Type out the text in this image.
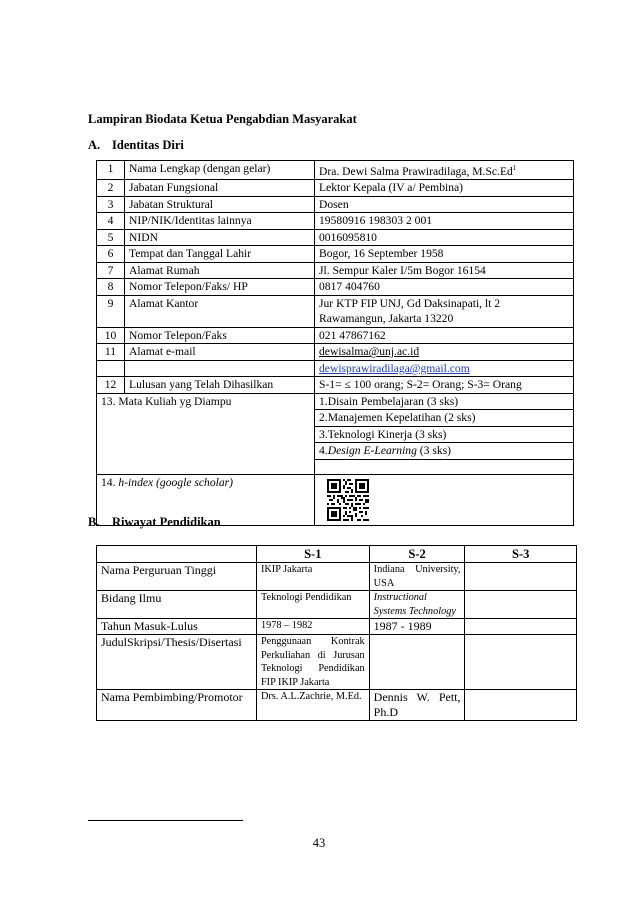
Lampiran Biodata Ketua Pengabdian Masyarakat
A. Identitas Diri
1	Nama Lengkap (dengan gelar)	Dra. Dewi Salma Prawiradilaga, M.Sc.Ed$^1$
2	Jabatan Fungsional	Lektor Kepala (IV a/ Pembina)
3	Jabatan Struktural	Dosen
4	NIP/NIK/Identitas lainnya	19580916 198303 2 001
5	NIDN	0016095810
6	Tempat dan Tanggal Lahir	Bogor, 16 September 1958
7	Alamat Rumah	Jl. Sempur Kaler I/5m Bogor 16154
8	Nomor Telepon/Faks/ HP	0817 404760
9	Alamat Kantor	Jur KTP FIP UNJ, Gd Daksinapati, lt 2
Rawamangun, Jakarta 13220

10	Nomor Telepon/Faks	021 47867162
11	Alamat e-mail	dewisalma@unj.ac.id
		dewisprawiradilaga@gmail.com
12	Lulusan yang Telah Dihasilkan	S-1= ≤ 100 orang; S-2= Orang; S-3= Orang
13. Mata Kuliah yg Diampu		1.Disain Pembelajaran (3 sks)
		2.Manajemen Kepelatihan (2 sks)
		3.Teknologi Kinerja (3 sks)
		4.Design E-Learning (3 sks)

14. h-index (google scholar)	
B. Riwayat Pendidikan
	S-1	S-2	S-3
Nama Perguruan Tinggi	IKIP Jakarta	Indiana University,
USA	

Bidang Ilmu	Teknologi Pendidikan	Instructional Systems Technology	
Tahun Masuk-Lulus	1978 – 1982	1987 - 1989	
JudulSkripsi/Thesis/Disertasi	Penggunaan Kontrak Perkuliahan di Jurusan Teknologi Pendidikan FIP IKIP Jakarta		
Nama Pembimbing/Promotor	Drs. A.L.Zachrie, M.Ed.	Dennis W. Pett, Ph.D	
43
